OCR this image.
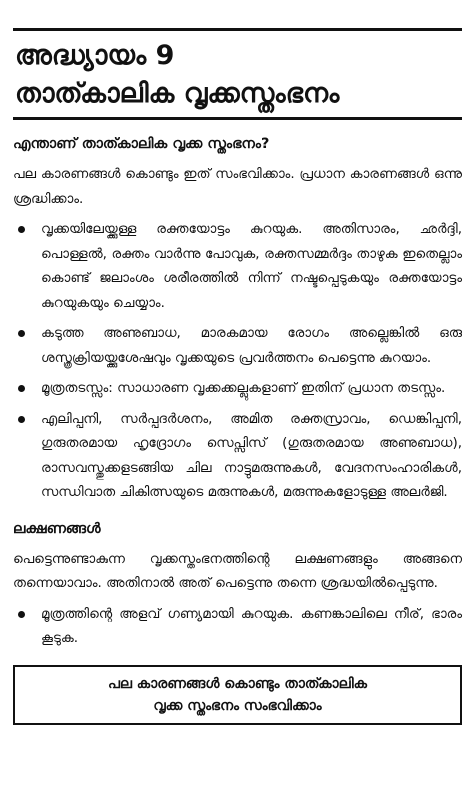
അദ്ധ്യായം 9
താത്കാലിക വൃക്കസ്തംഭനം
എന്താണ് താത്കാലിക വൃക്ക സ്തംഭനം?

പല കാരണങ്ങൾ കൊണ്ടും ഇത് സംഭവിക്കാം. പ്രധാന കാരണങ്ങൾ ഒന്നു ശ്രദ്ധിക്കാം.

വൃക്കയിലേയ്ക്കുള്ള രക്തയോട്ടം കുറയുക. അതിസാരം, ഛർദ്ദി, പൊള്ളൽ, രക്തം വാർന്നു പോവുക, രക്തസമ്മർദ്ദം താഴുക ഇതെല്ലാം കൊണ്ട് ജലാംശം ശരീരത്തിൽ നിന്ന് നഷ്ടപ്പെടുകയും രക്തയോട്ടം കുറയുകയും ചെയ്യാം.
കടുത്ത അണുബാധ, മാരകമായ രോഗം അല്ലെങ്കിൽ ഒരു ശസ്ത്രക്രിയയ്ക്കുശേഷവും വൃക്കയുടെ പ്രവർത്തനം പെട്ടെന്നു കുറയാം.
മൂത്രതടസ്സം: സാധാരണ വൃക്കക്കല്ലുകളാണ് ഇതിന് പ്രധാന തടസ്സം.
എലിപ്പനി, സർപ്പദർശനം, അമിത രക്തസ്രാവം, ഡെങ്കിപ്പനി, ഗുരുതരമായ ഹൃദ്രോഗം സെപ്സിസ് (ഗുരുതരമായ അണുബാധ), രാസവസ്തുക്കളടങ്ങിയ ചില നാട്ടുമരുന്നുകൾ, വേദനസംഹാരികൾ, സന്ധിവാത ചികിത്സയുടെ മരുന്നുകൾ, മരുന്നുകളോടുള്ള അലർജി.
ലക്ഷണങ്ങൾ

പെട്ടെന്നുണ്ടാകുന്ന വൃക്കസ്തംഭനത്തിന്റെ ലക്ഷണങ്ങളും അങ്ങനെ തന്നെയാവാം. അതിനാൽ അത് പെട്ടെന്നു തന്നെ ശ്രദ്ധയിൽപ്പെടുന്നു.

മൂത്രത്തിന്റെ അളവ് ഗണ്യമായി കുറയുക. കണങ്കാലിലെ നീര്, ഭാരം കൂടുക.
പല കാരണങ്ങൾ കൊണ്ടും താത്കാലിക
വൃക്ക സ്തംഭനം സംഭവിക്കാം
